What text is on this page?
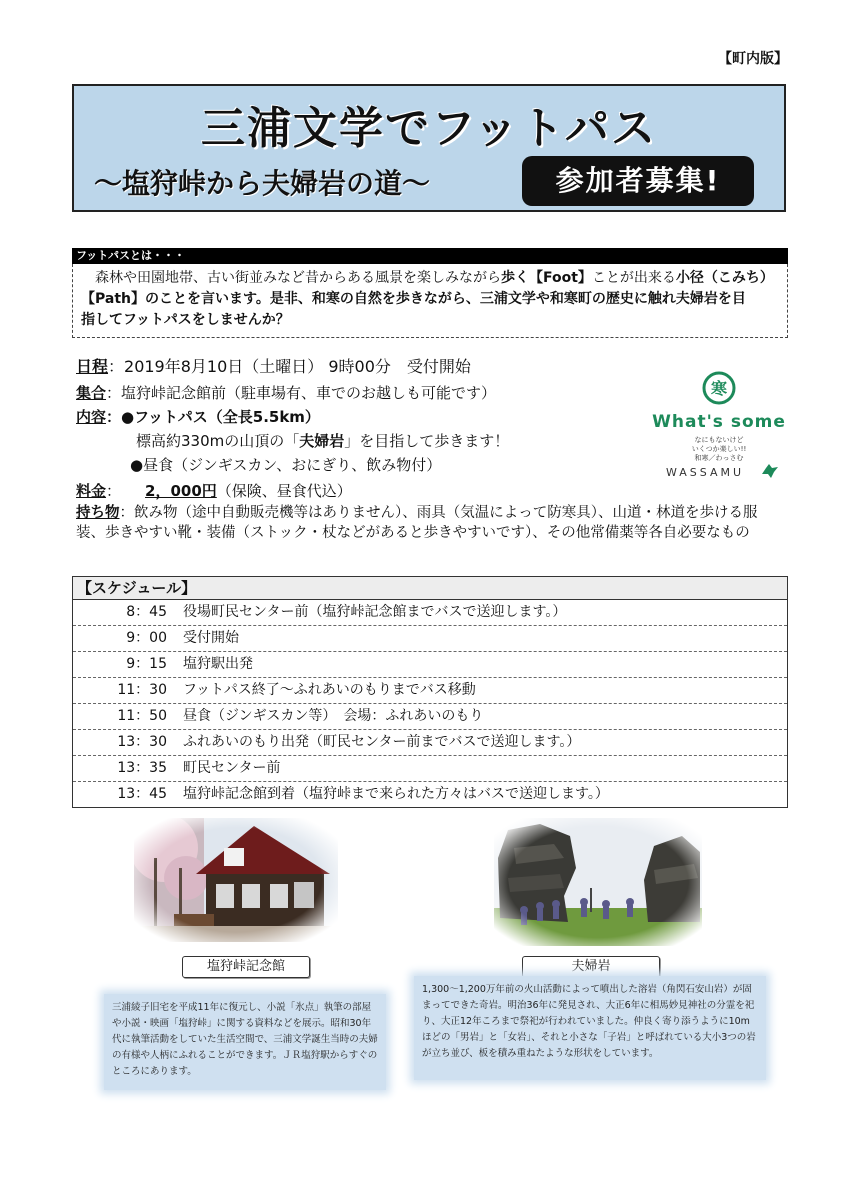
【町内版】
三浦文学でフットパス
～塩狩峠から夫婦岩の道～	参加者募集!
フットパスとは・・・
森林や田園地帯、古い街並みなど昔からある風景を楽しみながら歩く【Foot】ことが出来る小径（こみち）
【Path】のことを言います。是非、和寒の自然を歩きながら、三浦文学や和寒町の歴史に触れ夫婦岩を目
指してフットパスをしませんか？
日程：2019年8月10日（土曜日） 9時00分　受付開始
集合：塩狩峠記念館前（駐車場有、車でのお越しも可能です）
内容：●フットパス（全長5.5km）
標高約330mの山頂の「夫婦岩」を目指して歩きます！
●昼食（ジンギスカン、おにぎり、飲み物付）
料金： 2，000円（保険、昼食代込）
持ち物：飲み物（途中自動販売機等はありません）、雨具（気温によって防寒具）、山道・林道を歩ける服
装、歩きやすい靴・装備（ストック・杖などがあると歩きやすいです）、その他常備薬等各自必要なもの
寒
What's some
なにもないけど
いくつか楽しい!!
和寒／わっさむ
WASSAMU
【スケジュール】
8：45 役場町民センター前（塩狩峠記念館までバスで送迎します。）
9：00 受付開始
9：15 塩狩駅出発
11：30 フットパス終了～ふれあいのもりまでバス移動
11：50 昼食（ジンギスカン等）　会場：ふれあいのもり
13：30 ふれあいのもり出発（町民センター前までバスで送迎します。）
13：35 町民センター前
13：45 塩狩峠記念館到着（塩狩峠まで来られた方々はバスで送迎します。）
塩狩峠記念館	夫婦岩
三浦綾子旧宅を平成11年に復元し、小説「氷点」執筆の部屋や小説・映画「塩狩峠」に関する資料などを展示。昭和30年代に執筆活動をしていた生活空間で、三浦文学誕生当時の夫婦の有様や人柄にふれることができます。ＪＲ塩狩駅からすぐのところにあります。
1,300～1,200万年前の火山活動によって噴出した溶岩（角閃石安山岩）が固まってできた奇岩。明治36年に発見され、大正6年に相馬妙見神社の分霊を祀り、大正12年ころまで祭祀が行われていました。仲良く寄り添うように10mほどの「男岩」と「女岩」、それと小さな「子岩」と呼ばれている大小3つの岩が立ち並び、板を積み重ねたような形状をしています。
